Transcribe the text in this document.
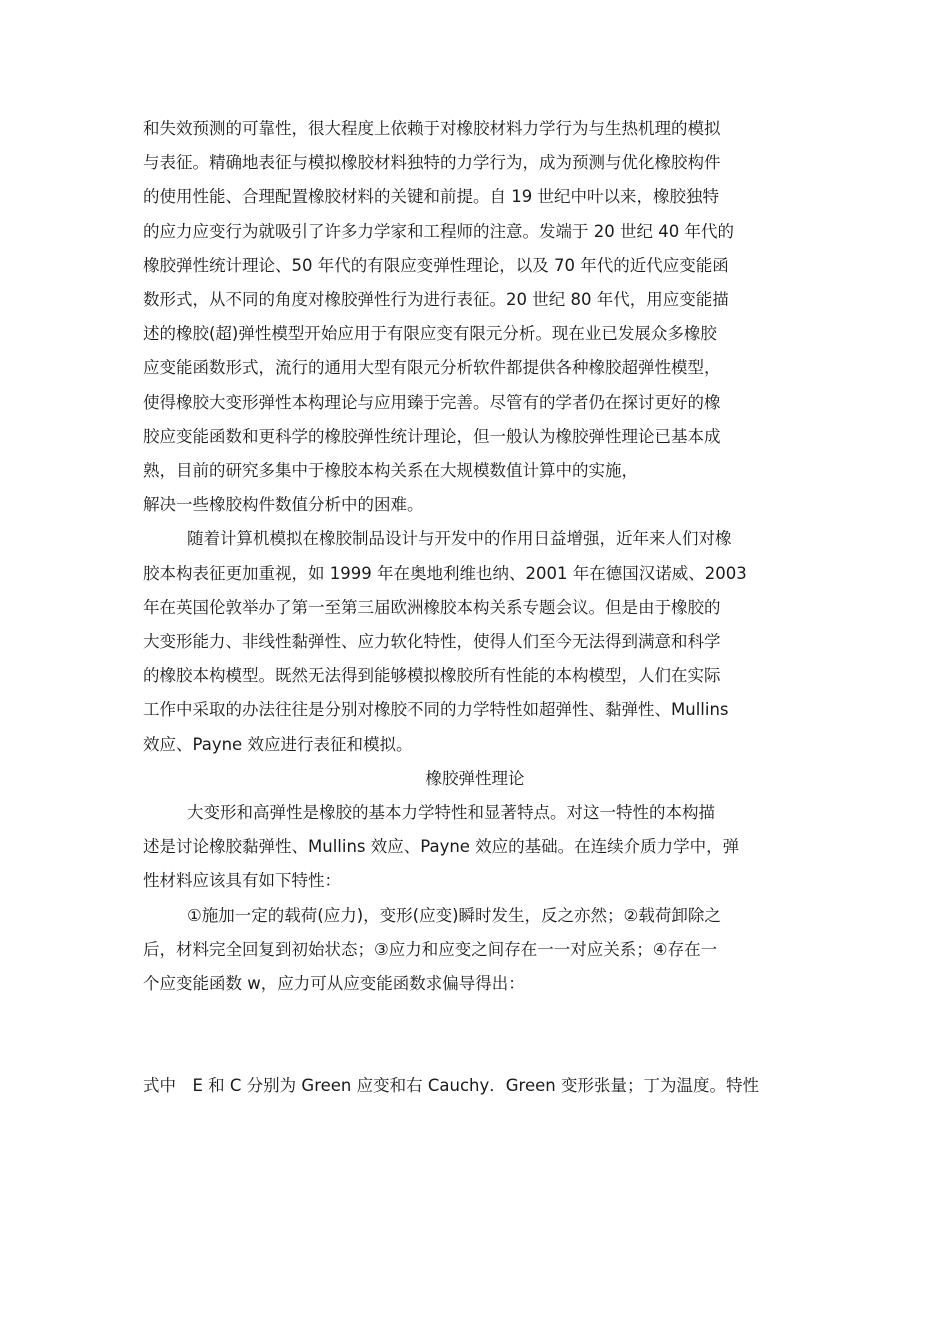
和失效预测的可靠性，很大程度上依赖于对橡胶材料力学行为与生热机理的模拟
与表征。精确地表征与模拟橡胶材料独特的力学行为，成为预测与优化橡胶构件
的使用性能、合理配置橡胶材料的关键和前提。自 19 世纪中叶以来，橡胶独特
的应力应变行为就吸引了许多力学家和工程师的注意。发端于 20 世纪 40 年代的
橡胶弹性统计理论、50 年代的有限应变弹性理论，以及 70 年代的近代应变能函
数形式，从不同的角度对橡胶弹性行为进行表征。20 世纪 80 年代，用应变能描
述的橡胶(超)弹性模型开始应用于有限应变有限元分析。现在业已发展众多橡胶
应变能函数形式，流行的通用大型有限元分析软件都提供各种橡胶超弹性模型，
使得橡胶大变形弹性本构理论与应用臻于完善。尽管有的学者仍在探讨更好的橡
胶应变能函数和更科学的橡胶弹性统计理论，但一般认为橡胶弹性理论已基本成
熟，目前的研究多集中于橡胶本构关系在大规模数值计算中的实施，
解决一些橡胶构件数值分析中的困难。
随着计算机模拟在橡胶制品设计与开发中的作用日益增强，近年来人们对橡
胶本构表征更加重视，如 1999 年在奥地利维也纳、2001 年在德国汉诺威、2003
年在英国伦敦举办了第一至第三届欧洲橡胶本构关系专题会议。但是由于橡胶的
大变形能力、非线性黏弹性、应力软化特性，使得人们至今无法得到满意和科学
的橡胶本构模型。既然无法得到能够模拟橡胶所有性能的本构模型，人们在实际
工作中采取的办法往往是分别对橡胶不同的力学特性如超弹性、黏弹性、Mullins
效应、Payne 效应进行表征和模拟。
橡胶弹性理论
大变形和高弹性是橡胶的基本力学特性和显著特点。对这一特性的本构描
述是讨论橡胶黏弹性、Mullins 效应、Payne 效应的基础。在连续介质力学中，弹
性材料应该具有如下特性：
①施加一定的载荷(应力)，变形(应变)瞬时发生，反之亦然；②载荷卸除之
后，材料完全回复到初始状态；③应力和应变之间存在一一对应关系；④存在一
个应变能函数 w，应力可从应变能函数求偏导得出：
式中　E 和 C 分别为 Green 应变和右 Cauchy．Green 变形张量；丁为温度。特性
